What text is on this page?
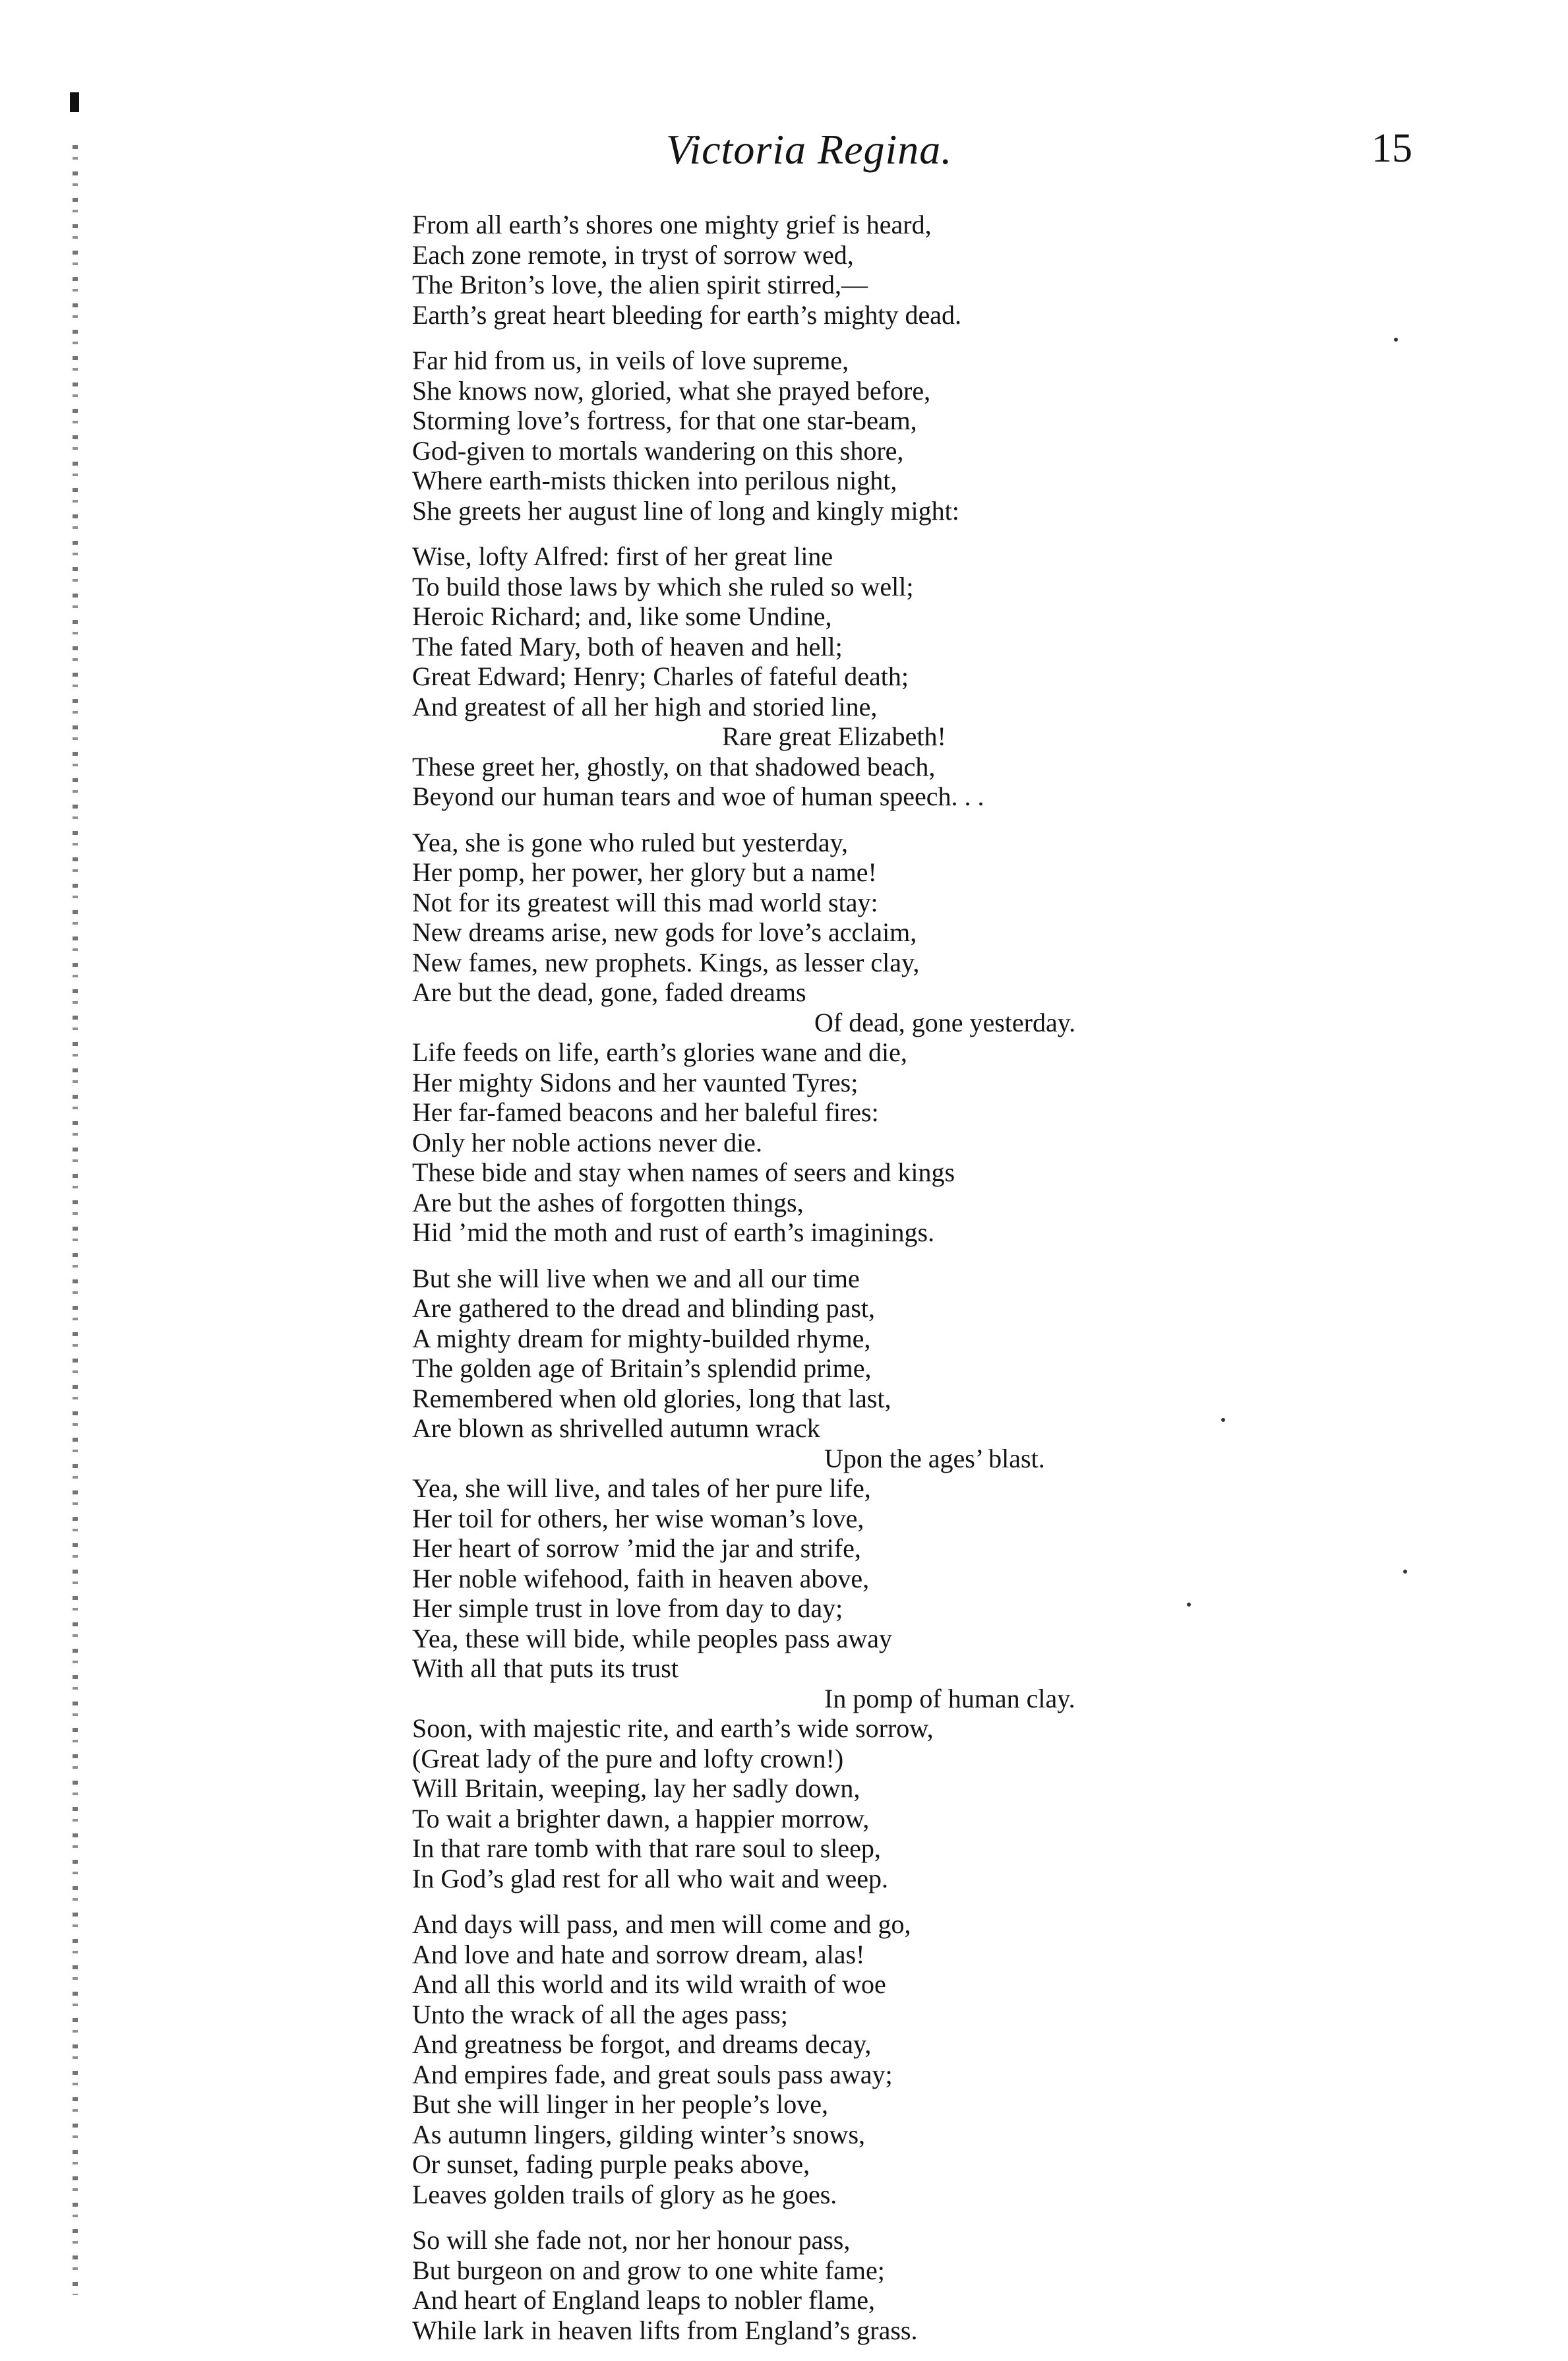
Victoria Regina.	15
From all earth’s shores one mighty grief is heard,
Each zone remote, in tryst of sorrow wed,
The Briton’s love, the alien spirit stirred,—
Earth’s great heart bleeding for earth’s mighty dead.
Far hid from us, in veils of love supreme,
She knows now, gloried, what she prayed before,
Storming love’s fortress, for that one star-beam,
God-given to mortals wandering on this shore,
Where earth-mists thicken into perilous night,
She greets her august line of long and kingly might:
Wise, lofty Alfred: first of her great line
To build those laws by which she ruled so well;
Heroic Richard; and, like some Undine,
The fated Mary, both of heaven and hell;
Great Edward; Henry; Charles of fateful death;
And greatest of all her high and storied line,
Rare great Elizabeth!
These greet her, ghostly, on that shadowed beach,
Beyond our human tears and woe of human speech. . .
Yea, she is gone who ruled but yesterday,
Her pomp, her power, her glory but a name!
Not for its greatest will this mad world stay:
New dreams arise, new gods for love’s acclaim,
New fames, new prophets. Kings, as lesser clay,
Are but the dead, gone, faded dreams
Of dead, gone yesterday.
Life feeds on life, earth’s glories wane and die,
Her mighty Sidons and her vaunted Tyres;
Her far-famed beacons and her baleful fires:
Only her noble actions never die.
These bide and stay when names of seers and kings
Are but the ashes of forgotten things,
Hid ’mid the moth and rust of earth’s imaginings.
But she will live when we and all our time
Are gathered to the dread and blinding past,
A mighty dream for mighty-builded rhyme,
The golden age of Britain’s splendid prime,
Remembered when old glories, long that last,
Are blown as shrivelled autumn wrack
Upon the ages’ blast.
Yea, she will live, and tales of her pure life,
Her toil for others, her wise woman’s love,
Her heart of sorrow ’mid the jar and strife,
Her noble wifehood, faith in heaven above,
Her simple trust in love from day to day;
Yea, these will bide, while peoples pass away
With all that puts its trust
In pomp of human clay.
Soon, with majestic rite, and earth’s wide sorrow,
(Great lady of the pure and lofty crown!)
Will Britain, weeping, lay her sadly down,
To wait a brighter dawn, a happier morrow,
In that rare tomb with that rare soul to sleep,
In God’s glad rest for all who wait and weep.
And days will pass, and men will come and go,
And love and hate and sorrow dream, alas!
And all this world and its wild wraith of woe
Unto the wrack of all the ages pass;
And greatness be forgot, and dreams decay,
And empires fade, and great souls pass away;
But she will linger in her people’s love,
As autumn lingers, gilding winter’s snows,
Or sunset, fading purple peaks above,
Leaves golden trails of glory as he goes.
So will she fade not, nor her honour pass,
But burgeon on and grow to one white fame;
And heart of England leaps to nobler flame,
While lark in heaven lifts from England’s grass.
